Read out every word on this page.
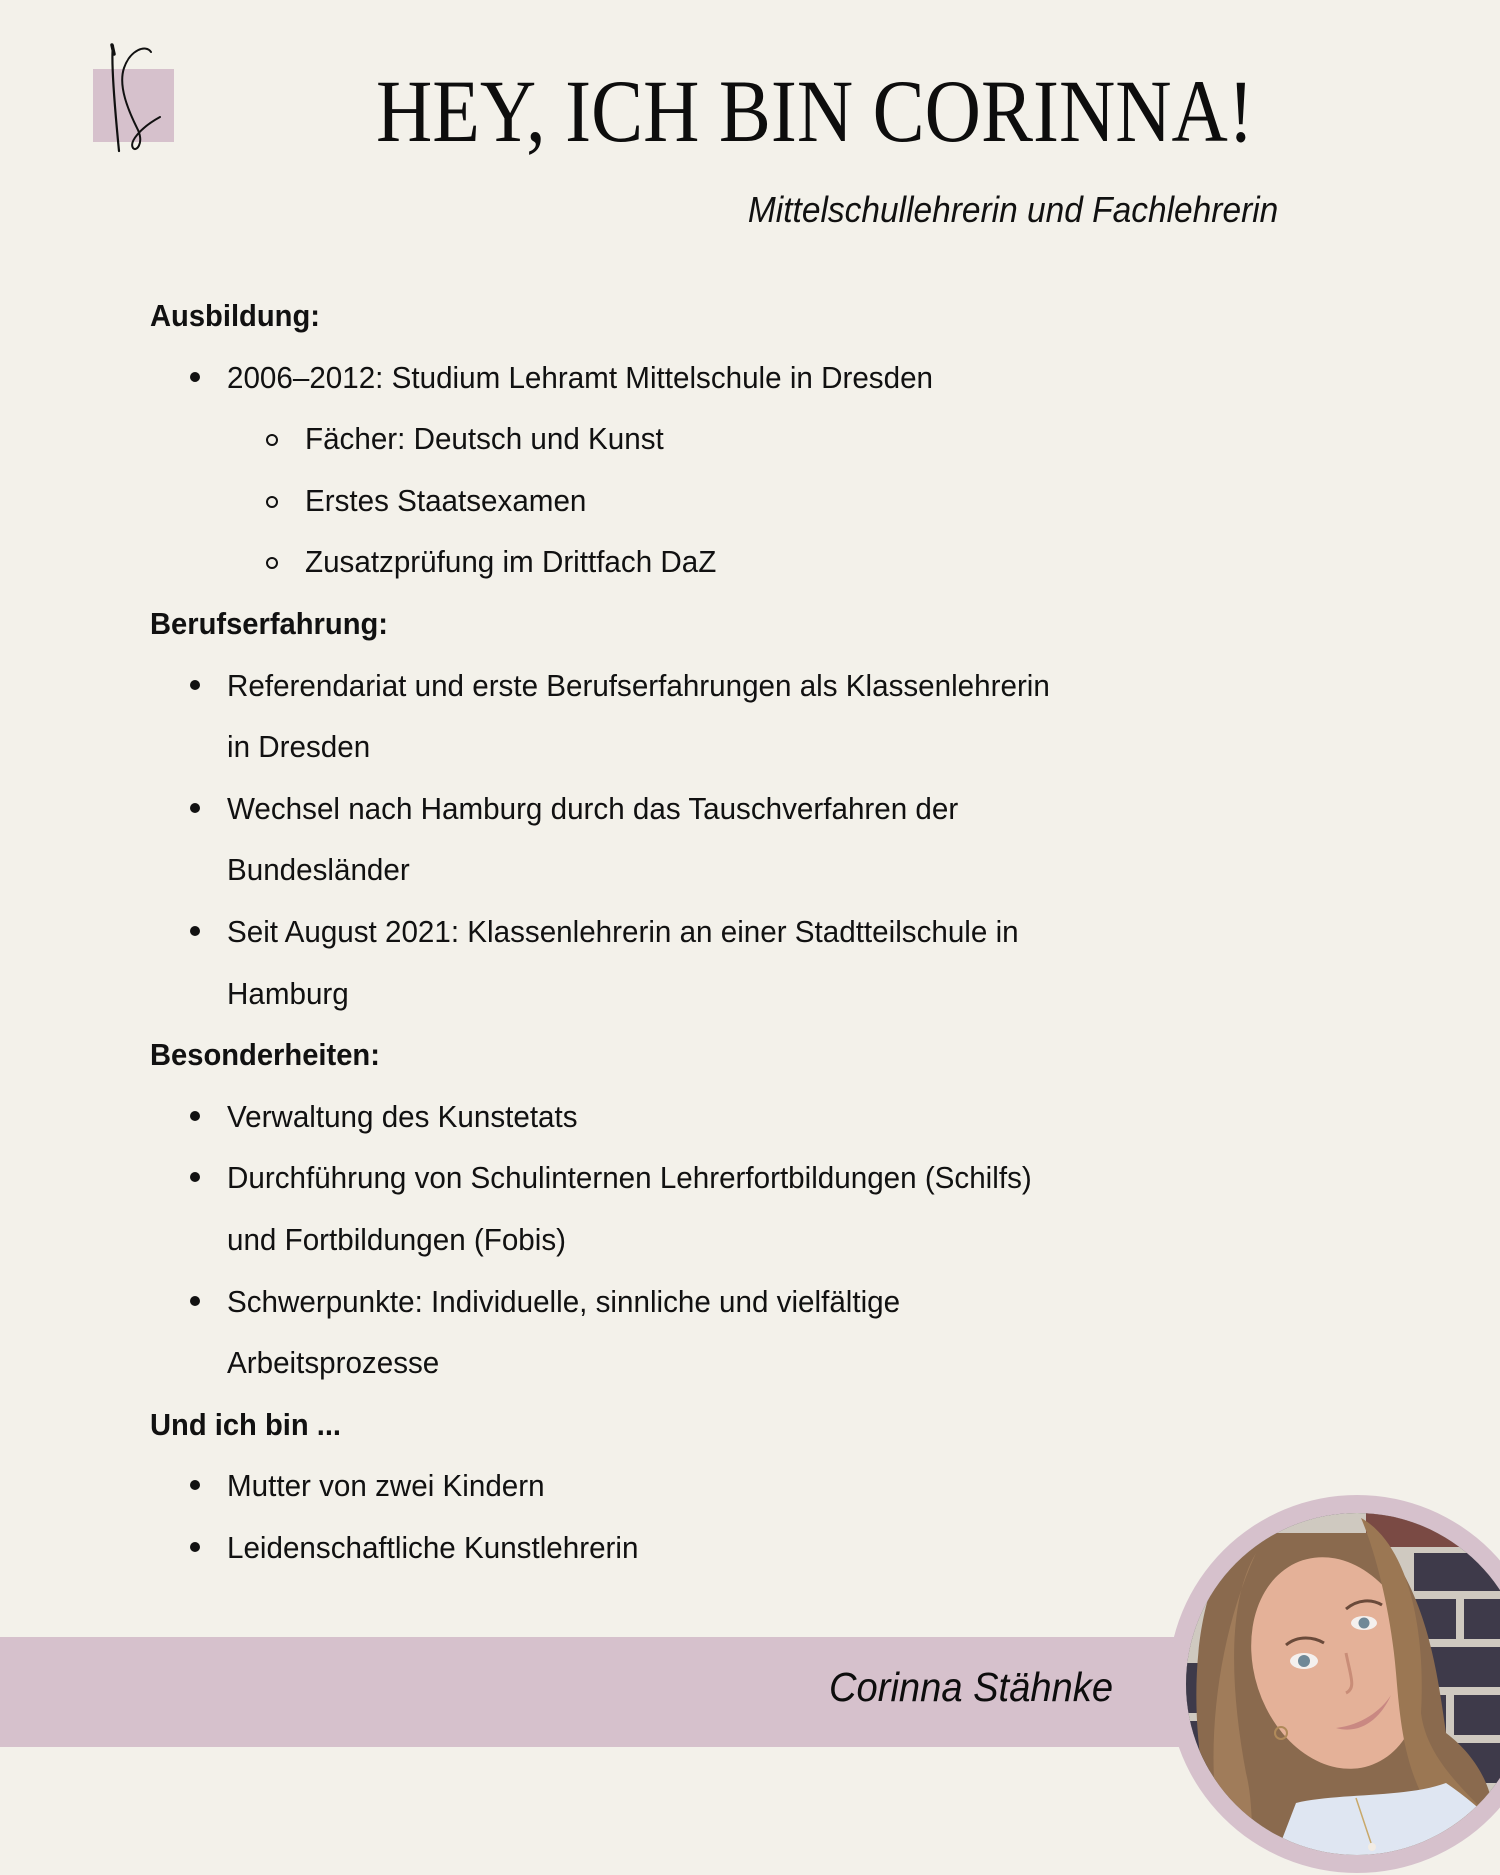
HEY, ICH BIN CORINNA!
Mittelschullehrerin und Fachlehrerin
Ausbildung:
2006–2012: Studium Lehramt Mittelschule in Dresden
Fächer: Deutsch und Kunst
Erstes Staatsexamen
Zusatzprüfung im Drittfach DaZ
Berufserfahrung:
Referendariat und erste Berufserfahrungen als Klassenlehrerin
in Dresden
Wechsel nach Hamburg durch das Tauschverfahren der
Bundesländer
Seit August 2021: Klassenlehrerin an einer Stadtteilschule in
Hamburg
Besonderheiten:
Verwaltung des Kunstetats
Durchführung von Schulinternen Lehrerfortbildungen (Schilfs)
und Fortbildungen (Fobis)
Schwerpunkte: Individuelle, sinnliche und vielfältige
Arbeitsprozesse
Und ich bin ...
Mutter von zwei Kindern
Leidenschaftliche Kunstlehrerin
Corinna Stähnke
